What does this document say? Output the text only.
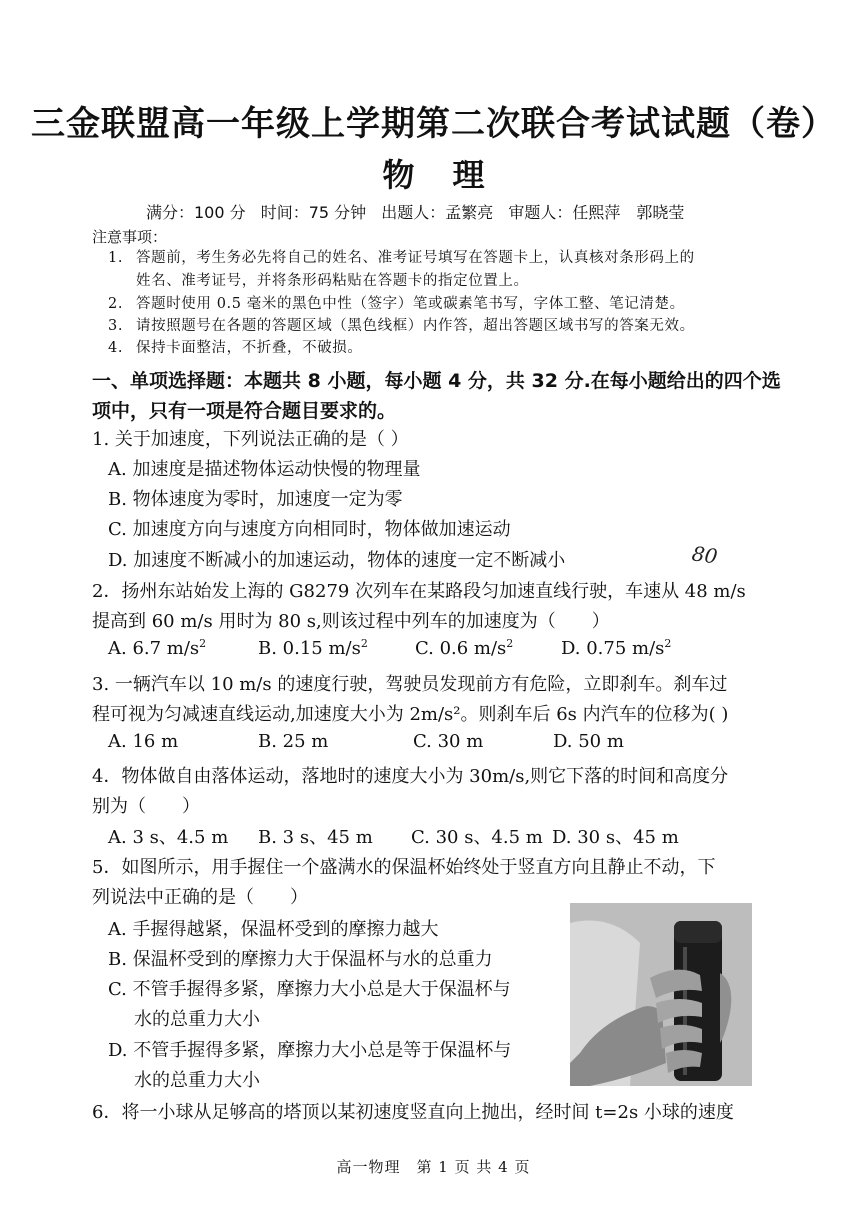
三金联盟高一年级上学期第二次联合考试试题（卷）
物 理
满分：100 分 时间：75 分钟 出题人：孟繁亮 审题人：任熙萍　郭晓莹
注意事项：
1. 答题前，考生务必先将自己的姓名、准考证号填写在答题卡上，认真核对条形码上的
姓名、准考证号，并将条形码粘贴在答题卡的指定位置上。
2. 答题时使用 0.5 毫米的黑色中性（签字）笔或碳素笔书写，字体工整、笔记清楚。
3. 请按照题号在各题的答题区域（黑色线框）内作答，超出答题区域书写的答案无效。
4. 保持卡面整洁，不折叠，不破损。
一、单项选择题：本题共 8 小题，每小题 4 分，共 32 分.在每小题给出的四个选
项中，只有一项是符合题目要求的。
1. 关于加速度，下列说法正确的是（ ）
A. 加速度是描述物体运动快慢的物理量
B. 物体速度为零时，加速度一定为零
C. 加速度方向与速度方向相同时，物体做加速运动
D. 加速度不断减小的加速运动，物体的速度一定不断减小	80
2．扬州东站始发上海的 G8279 次列车在某路段匀加速直线行驶，车速从 48 m/s
提高到 60 m/s 用时为 80 s,则该过程中列车的加速度为（　　）
A. 6.7 $m/s^2$	B. 0.15 $m/s^2$	C. 0.6 $m/s^2$	D. 0.75 $m/s^2$
3. 一辆汽车以 10 m/s 的速度行驶，驾驶员发现前方有危险，立即刹车。刹车过
程可视为匀减速直线运动,加速度大小为 2m/s²。则刹车后 6s 内汽车的位移为( )
A. 16 m	B. 25 m	C. 30 m	D. 50 m
4．物体做自由落体运动，落地时的速度大小为 30m/s,则它下落的时间和高度分
别为（　　）
A. 3 s、4.5 m B. 3 s、45 m C. 30 s、4.5 m D. 30 s、45 m
5．如图所示，用手握住一个盛满水的保温杯始终处于竖直方向且静止不动，下
列说法中正确的是（　　）
A. 手握得越紧，保温杯受到的摩擦力越大
B. 保温杯受到的摩擦力大于保温杯与水的总重力
C. 不管手握得多紧，摩擦力大小总是大于保温杯与
水的总重力大小
D. 不管手握得多紧，摩擦力大小总是等于保温杯与
水的总重力大小
6．将一小球从足够高的塔顶以某初速度竖直向上抛出，经时间 t=2s 小球的速度
高一物理　第 1 页 共 4 页
